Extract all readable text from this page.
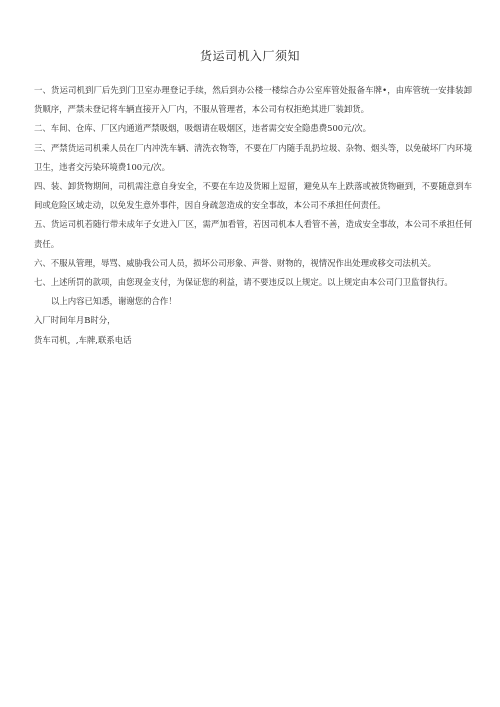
货运司机入厂须知

一、货运司机到厂后先到门卫室办理登记手续，然后到办公楼一楼综合办公室库管处报备车牌•，由库管统一安排装卸货顺序，严禁未登记将车辆直接开入厂内，不服从管理者，本公司有权拒绝其进厂装卸货。

二、车间、仓库、厂区内通道严禁吸烟，吸烟请在吸烟区，违者需交安全隐患费500元/次。

三、严禁货运司机乘人员在厂内冲洗车辆、清洗衣物等，不要在厂内随手乱扔垃圾、杂物、烟头等，以免破坏厂内环境卫生，违者交污染环境费100元/次。

四、装、卸货物期间，司机需注意自身安全，不要在车边及货厢上逗留，避免从车上跌落或被货物砸到，不要随意到车间或危险区域走动，以免发生意外事件，因自身疏忽造成的安全事故，本公司不承担任何责任。

五、货运司机若随行带未成年子女进入厂区，需严加看管，若因司机本人看管不善，造成安全事故，本公司不承担任何责任。

六、不服从管理，辱骂、威胁我公司人员，损坏公司形象、声誉、财物的，视情况作出处理或移交司法机关。

七、上述所罚的款项，由您现金支付，为保证您的利益，请不要违反以上规定。以上规定由本公司门卫监督执行。

以上内容已知悉，谢谢您的合作！

入厂时间年月B时分，

货车司机，,车牌,联系电话
